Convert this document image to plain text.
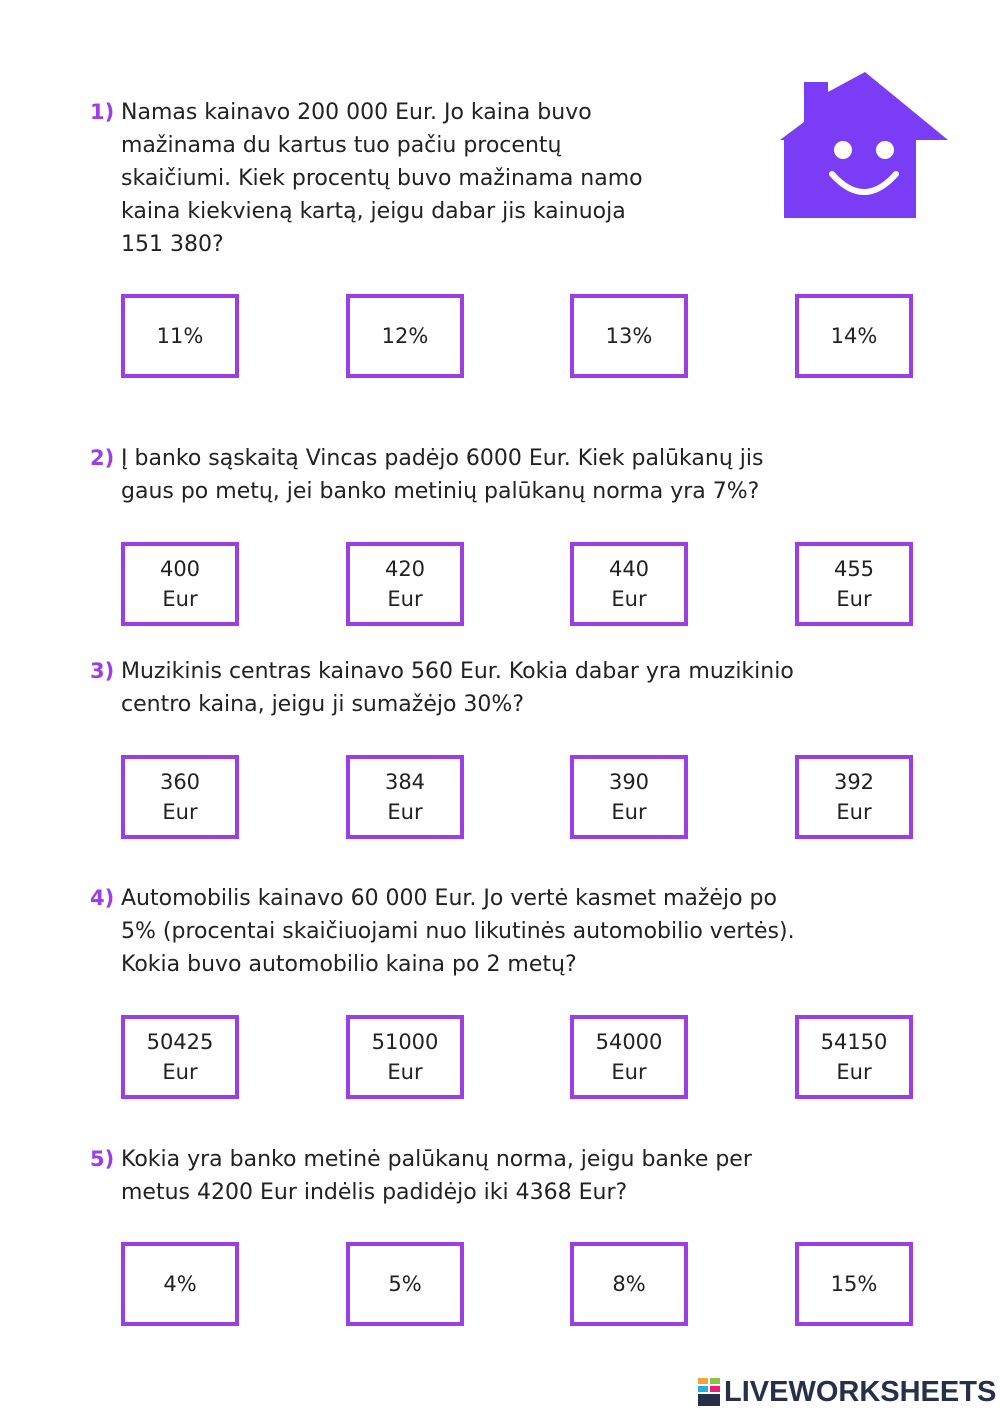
1) Namas kainavo 200 000 Eur. Jo kaina buvo
mažinama du kartus tuo pačiu procentų
skaičiumi. Kiek procentų buvo mažinama namo
kaina kiekvieną kartą, jeigu dabar jis kainuoja
151 380?
11%	12%	13%	14%
2) Į banko sąskaitą Vincas padėjo 6000 Eur. Kiek palūkanų jis
gaus po metų, jei banko metinių palūkanų norma yra 7%?
400
Eur
420
Eur
440
Eur
455
Eur
3) Muzikinis centras kainavo 560 Eur. Kokia dabar yra muzikinio
centro kaina, jeigu ji sumažėjo 30%?
360
Eur
384
Eur
390
Eur
392
Eur
4) Automobilis kainavo 60 000 Eur. Jo vertė kasmet mažėjo po
5% (procentai skaičiuojami nuo likutinės automobilio vertės).
Kokia buvo automobilio kaina po 2 metų?
50425
Eur
51000
Eur
54000
Eur
54150
Eur
5) Kokia yra banko metinė palūkanų norma, jeigu banke per
metus 4200 Eur indėlis padidėjo iki 4368 Eur?
4%	5%	8%	15%
LIVEWORKSHEETS
